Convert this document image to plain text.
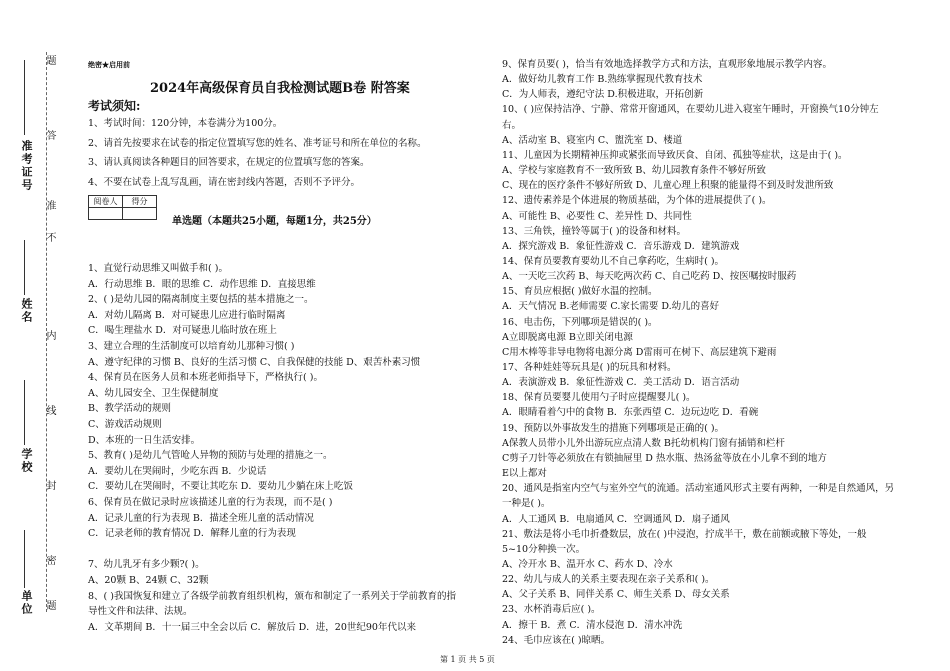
题
准考证号
答
准
不
姓名
内
线
学校
封
密
单位 题
绝密★启用前
2024年高级保育员自我检测试题B卷 附答案
考试须知:
1、考试时间：120分钟，本卷满分为100分。
2、请首先按要求在试卷的指定位置填写您的姓名、准考证号和所在单位的名称。
3、请认真阅读各种题目的回答要求，在规定的位置填写您的答案。
4、不要在试卷上乱写乱画，请在密封线内答题，否则不予评分。
阅卷人	得分

单选题（本题共25小题，每题1分，共25分）
1、直觉行动思维又叫做手和( )。
A．行动思维 B．眼的思维 C．动作思维 D．直接思维
2、( )是幼儿园的隔离制度主要包括的基本措施之一。
A．对幼儿隔离 B．对可疑患儿应进行临时隔离
C．喝生理盐水 D．对可疑患儿临时放在班上
3、建立合理的生活制度可以培育幼儿那种习惯( )
A、遵守纪律的习惯 B、良好的生活习惯 C、自我保健的技能 D、艰苦朴素习惯
4、保育员在医务人员和本班老师指导下，严格执行( )。
A、幼儿园安全、卫生保健制度
B、教学活动的规则
C、游戏活动规则
D、本班的一日生活安排。
5、教育( )是幼儿气管呛人异物的预防与处理的措施之一。
A．要幼儿在哭闹时，少吃东西 B．少说话
C．要幼儿在哭闹时，不要让其吃东 D．要幼儿少躺在床上吃饭
6、保育员在做记录时应该描述儿童的行为表现，而不是( )
A．记录儿童的行为表现 B．描述全班儿童的活动情况
C．记录老师的教育情况 D．解释儿童的行为表现
7、幼儿乳牙有多少颗?( )。
A、20颗 B、24颗 C、32颗
8、( )我国恢复和建立了各级学前教育组织机构，颁布和制定了一系列关于学前教育的指
导性文件和法律、法规。
A．文革期间 B．十一届三中全会以后 C．解放后 D．进，20世纪90年代以来
9、保育员要( )，恰当有效地选择教学方式和方法，直观形象地展示教学内容。
A．做好幼儿教育工作 B.熟练掌握现代教育技术
C．为人师表，遵纪守法 D.积极进取，开拓创新
10、( )应保持洁净、宁静、常常开窗通风，在要幼儿进入寝室午睡时，开窗换气10分钟左
右。
A、活动室 B、寝室内 C、盥洗室 D、楼道
11、儿童因为长期精神压抑或紧张而导致厌食、自闭、孤独等症状，这是由于( )。
A、学校与家庭教育不一致所致 B、幼儿园教育条件不够好所致
C、现在的医疗条件不够好所致 D、儿童心理上积聚的能量得不到及时发泄所致
12、遗传素养是个体进展的物质基础，为个体的进展提供了( )。
A、可能性 B、必要性 C、差异性 D、共同性
13、三角铁，撞铃等属于( )的设备和材料。
A．探究游戏 B．象征性游戏 C．音乐游戏 D．建筑游戏
14、保育员要教育要幼儿不自己拿药吃，生病时( )。
A、一天吃三次药 B、每天吃两次药 C、自己吃药 D、按医嘱按时服药
15、育员应根据( )做好水温的控制。
A．天气情况 B.老师需要 C.家长需要 D.幼儿的喜好
16、电击伤，下列哪项是错误的( )。
A立即脱离电源 B立即关闭电源
C用木棒等非导电物将电源分离 D雷雨可在树下、高层建筑下避雨
17、各种娃娃等玩具是( )的玩具和材料。
A．表演游戏 B．象征性游戏 C．美工活动 D．语言活动
18、保育员要婴儿使用勺子时应提醒婴儿( )。
A．眼睛看着勺中的食物 B．东张西望 C．边玩边吃 D．看碗
19、预防以外事故发生的措施下列哪项是正确的( )。
A保教人员带小儿外出游玩应点清人数 B托幼机构门窗有插销和栏杆
C剪子刀针等必须放在有锁抽屉里 D 热水瓶、热汤盆等放在小儿拿不到的地方
E以上都对
20、通风是指室内空气与室外空气的流通。活动室通风形式主要有两种，一种是自然通风，另
一种是( )。
A．人工通风 B．电扇通风 C．空调通风 D．扇子通风
21、敷法是将小毛巾折叠数层，放在( )中浸泡，拧成半干，敷在前额或腋下等处，一般
5~10分种换一次。
A、冷开水 B、温开水 C、药水 D、冷水
22、幼儿与成人的关系主要表现在亲子关系和( )。
A、父子关系 B、同伴关系 C、师生关系 D、母女关系
23、水杯消毒后应( )。
A．擦干 B．煮 C．清水侵泡 D．清水冲洗
24、毛巾应该在( )晾晒。
第 1 页 共 5 页
